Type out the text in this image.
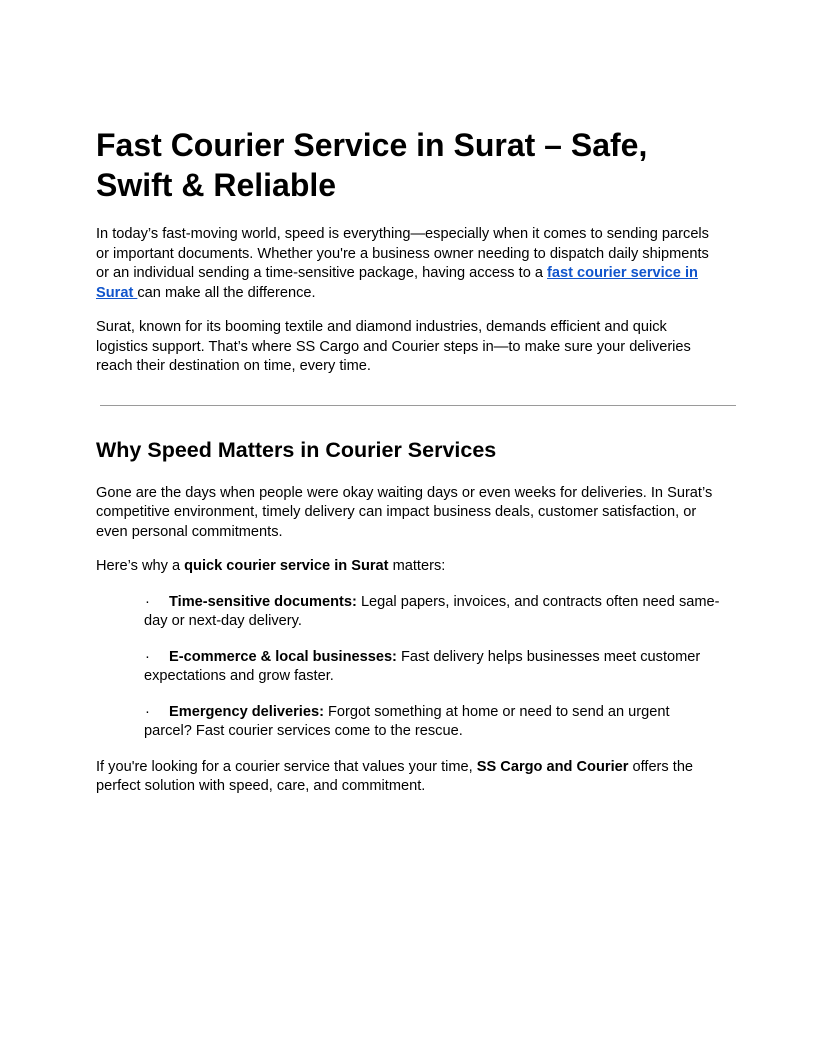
Fast Courier Service in Surat – Safe, Swift & Reliable

In today’s fast-moving world, speed is everything—especially when it comes to sending parcels or important documents. Whether you're a business owner needing to dispatch daily shipments or an individual sending a time-sensitive package, having access to a fast courier service in Surat can make all the difference.

Surat, known for its booming textile and diamond industries, demands efficient and quick logistics support. That’s where SS Cargo and Courier steps in—to make sure your deliveries reach their destination on time, every time.

Why Speed Matters in Courier Services

Gone are the days when people were okay waiting days or even weeks for deliveries. In Surat’s competitive environment, timely delivery can impact business deals, customer satisfaction, or even personal commitments.

Here’s why a quick courier service in Surat matters:

· Time-sensitive documents: Legal papers, invoices, and contracts often need same-day or next-day delivery.

· E-commerce & local businesses: Fast delivery helps businesses meet customer expectations and grow faster.

· Emergency deliveries: Forgot something at home or need to send an urgent parcel? Fast courier services come to the rescue.

If you're looking for a courier service that values your time, SS Cargo and Courier offers the perfect solution with speed, care, and commitment.
